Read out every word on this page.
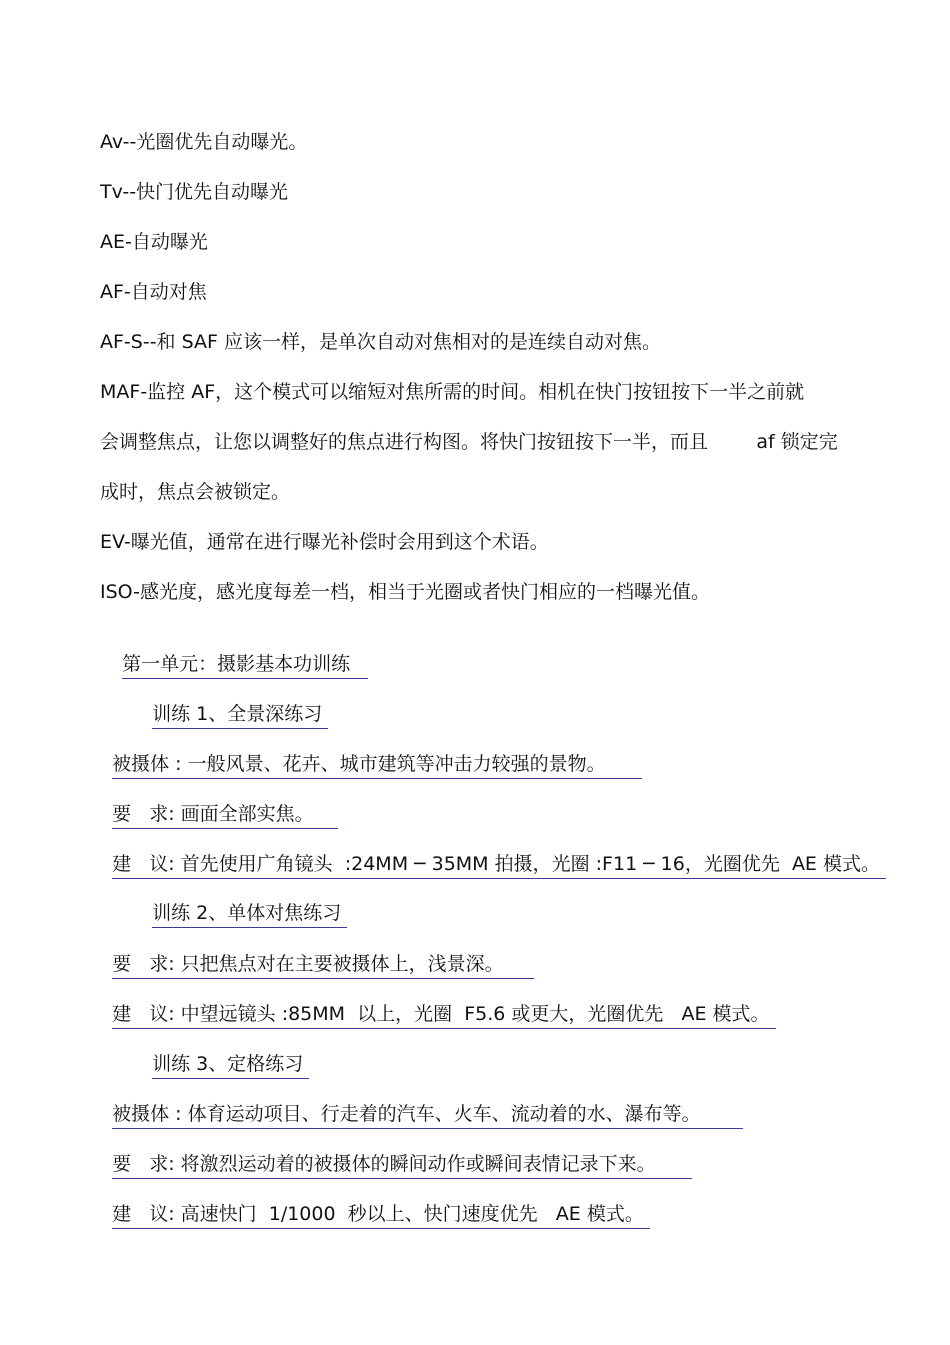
Av--光圈优先自动曝光。
Tv--快门优先自动曝光
AE-自动曝光
AF-自动对焦
AF-S--和 SAF 应该一样，是单次自动对焦相对的是连续自动对焦。
MAF-监控 AF，这个模式可以缩短对焦所需的时间。相机在快门按钮按下一半之前就
会调整焦点，让您以调整好的焦点进行构图。将快门按钮按下一半，而且        af 锁定完
成时，焦点会被锁定。
EV-曝光值，通常在进行曝光补偿时会用到这个术语。
ISO-感光度，感光度每差一档，相当于光圈或者快门相应的一档曝光值。

第一单元：摄影基本功训练

训练 1、全景深练习

被摄体 : 一般风景、花卉、城市建筑等冲击力较强的景物。

要   求: 画面全部实焦。

建   议: 首先使用广角镜头  :24MM ─ 35MM 拍摄，光圈 :F11 ─ 16，光圈优先  AE 模式。

训练 2、单体对焦练习

要   求: 只把焦点对在主要被摄体上，浅景深。

建   议: 中望远镜头 :85MM  以上，光圈  F5.6 或更大，光圈优先   AE 模式。

训练 3、定格练习

被摄体 : 体育运动项目、行走着的汽车、火车、流动着的水、瀑布等。

要   求: 将激烈运动着的被摄体的瞬间动作或瞬间表情记录下来。

建   议: 高速快门  1/1000  秒以上、快门速度优先   AE 模式。
